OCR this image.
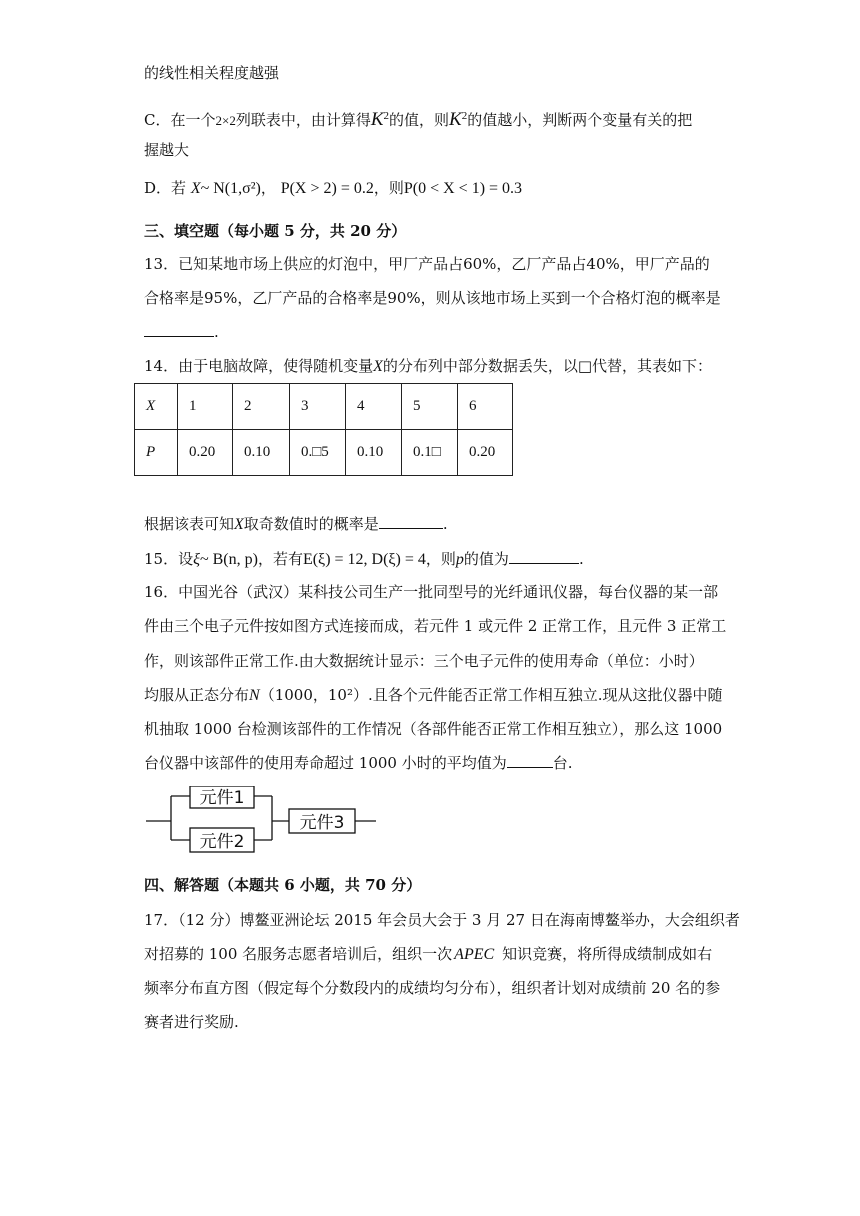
的线性相关程度越强
C．在一个2×2列联表中，由计算得$K^2$的值，则$K^2$的值越小，判断两个变量有关的把
握越大
D．若 X~ N(1,σ²)， P(X > 2) = 0.2，则P(0 < X < 1) = 0.3
三、填空题（每小题 5 分，共 20 分）
13．已知某地市场上供应的灯泡中，甲厂产品占60%，乙厂产品占40%，甲厂产品的
合格率是95%，乙厂产品的合格率是90%，则从该地市场上买到一个合格灯泡的概率是
.
14．由于电脑故障，使得随机变量X的分布列中部分数据丢失，以□代替，其表如下：
X	1	2	3	4	5	6
P	0.20	0.10	0.□5	0.10	0.1□	0.20
根据该表可知X取奇数值时的概率是	.
15．设ξ~ B(n, p)，若有E(ξ) = 12, D(ξ) = 4，则p的值为	.
16．中国光谷（武汉）某科技公司生产一批同型号的光纤通讯仪器，每台仪器的某一部
件由三个电子元件按如图方式连接而成，若元件 1 或元件 2 正常工作，且元件 3 正常工
作，则该部件正常工作.由大数据统计显示：三个电子元件的使用寿命（单位：小时）
均服从正态分布N（1000，10²）.且各个元件能否正常工作相互独立.现从这批仪器中随
机抽取 1000 台检测该部件的工作情况（各部件能否正常工作相互独立），那么这 1000
台仪器中该部件的使用寿命超过 1000 小时的平均值为	台.
元件1
元件2
元件3
四、解答题（本题共 6 小题，共 70 分）
17．（12 分）博鳌亚洲论坛 2015 年会员大会于 3 月 27 日在海南博鳌举办，大会组织者
对招募的 100 名服务志愿者培训后，组织一次 APEC 知识竞赛，将所得成绩制成如右
频率分布直方图（假定每个分数段内的成绩均匀分布），组织者计划对成绩前 20 名的参
赛者进行奖励.
